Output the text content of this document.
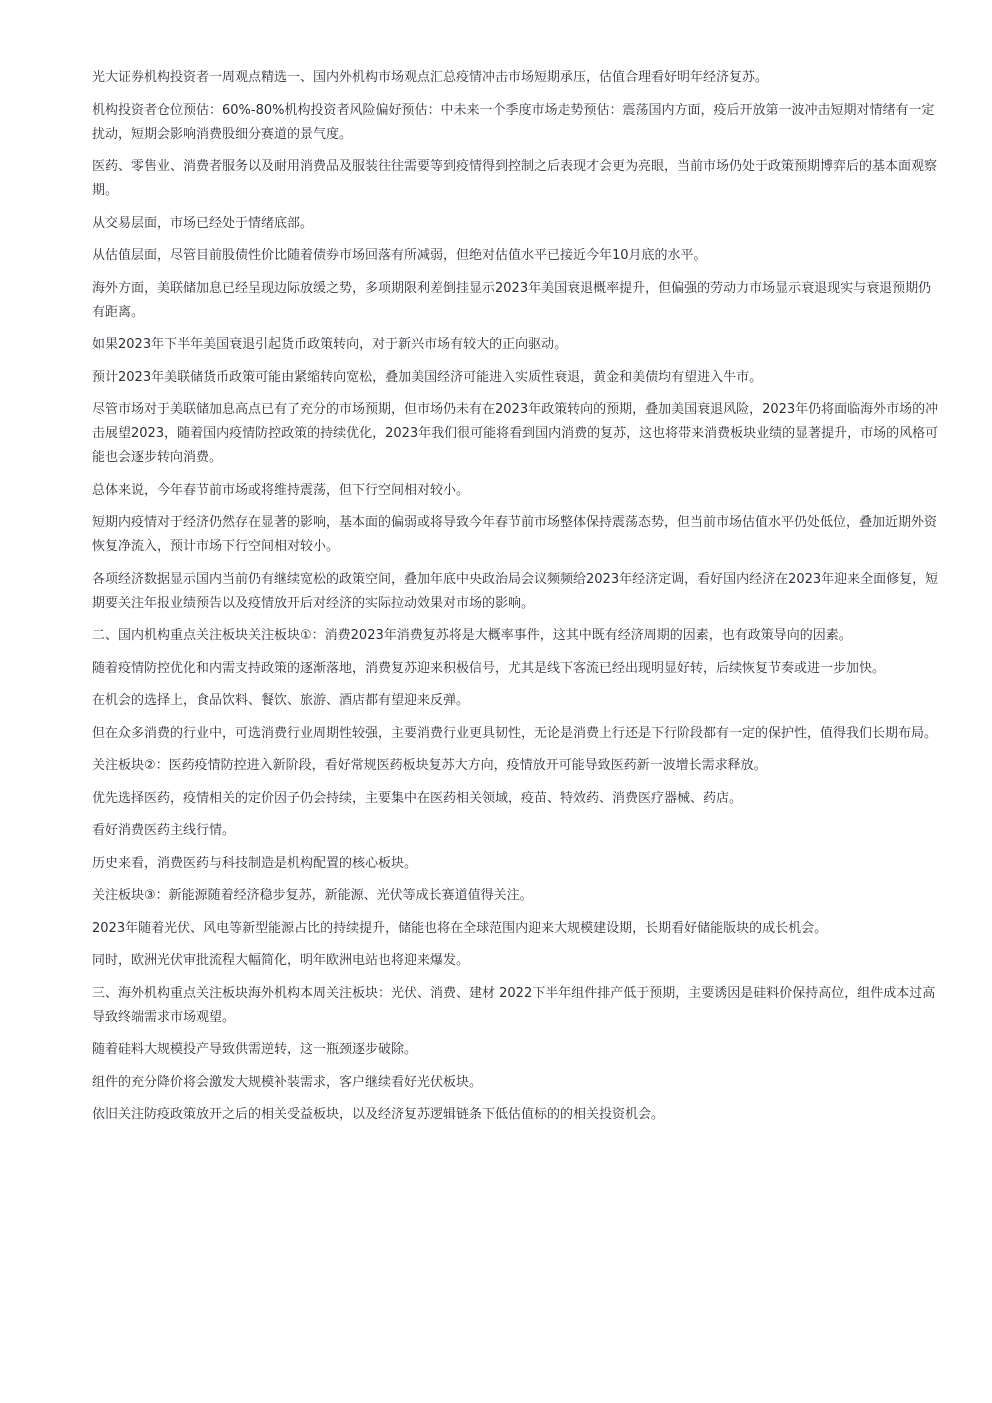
光大证券机构投资者一周观点精选一、国内外机构市场观点汇总疫情冲击市场短期承压，估值合理看好明年经济复苏。

机构投资者仓位预估：60%-80%机构投资者风险偏好预估：中未来一个季度市场走势预估：震荡国内方面，疫后开放第一波冲击短期对情绪有一定扰动，短期会影响消费股细分赛道的景气度。

医药、零售业、消费者服务以及耐用消费品及服装往往需要等到疫情得到控制之后表现才会更为亮眼，当前市场仍处于政策预期博弈后的基本面观察期。

从交易层面，市场已经处于情绪底部。

从估值层面，尽管目前股债性价比随着债券市场回落有所减弱，但绝对估值水平已接近今年10月底的水平。

海外方面，美联储加息已经呈现边际放缓之势，多项期限利差倒挂显示2023年美国衰退概率提升，但偏强的劳动力市场显示衰退现实与衰退预期仍有距离。

如果2023年下半年美国衰退引起货币政策转向，对于新兴市场有较大的正向驱动。

预计2023年美联储货币政策可能由紧缩转向宽松，叠加美国经济可能进入实质性衰退，黄金和美债均有望进入牛市。

尽管市场对于美联储加息高点已有了充分的市场预期，但市场仍未有在2023年政策转向的预期，叠加美国衰退风险，2023年仍将面临海外市场的冲击展望2023，随着国内疫情防控政策的持续优化，2023年我们很可能将看到国内消费的复苏，这也将带来消费板块业绩的显著提升，市场的风格可能也会逐步转向消费。

总体来说，今年春节前市场或将维持震荡，但下行空间相对较小。

短期内疫情对于经济仍然存在显著的影响，基本面的偏弱或将导致今年春节前市场整体保持震荡态势，但当前市场估值水平仍处低位，叠加近期外资恢复净流入，预计市场下行空间相对较小。

各项经济数据显示国内当前仍有继续宽松的政策空间，叠加年底中央政治局会议频频给2023年经济定调，看好国内经济在2023年迎来全面修复，短期要关注年报业绩预告以及疫情放开后对经济的实际拉动效果对市场的影响。

二、国内机构重点关注板块关注板块①：消费2023年消费复苏将是大概率事件，这其中既有经济周期的因素，也有政策导向的因素。

随着疫情防控优化和内需支持政策的逐渐落地，消费复苏迎来积极信号，尤其是线下客流已经出现明显好转，后续恢复节奏或进一步加快。

在机会的选择上，食品饮料、餐饮、旅游、酒店都有望迎来反弹。

但在众多消费的行业中，可选消费行业周期性较强，主要消费行业更具韧性，无论是消费上行还是下行阶段都有一定的保护性，值得我们长期布局。

关注板块②：医药疫情防控进入新阶段，看好常规医药板块复苏大方向，疫情放开可能导致医药新一波增长需求释放。

优先选择医药，疫情相关的定价因子仍会持续，主要集中在医药相关领域，疫苗、特效药、消费医疗器械、药店。

看好消费医药主线行情。

历史来看，消费医药与科技制造是机构配置的核心板块。

关注板块③：新能源随着经济稳步复苏，新能源、光伏等成长赛道值得关注。

2023年随着光伏、风电等新型能源占比的持续提升，储能也将在全球范围内迎来大规模建设期，长期看好储能版块的成长机会。

同时，欧洲光伏审批流程大幅简化，明年欧洲电站也将迎来爆发。

三、海外机构重点关注板块海外机构本周关注板块：光伏、消费、建材 2022下半年组件排产低于预期，主要诱因是硅料价保持高位，组件成本过高导致终端需求市场观望。

随着硅料大规模投产导致供需逆转，这一瓶颈逐步破除。

组件的充分降价将会激发大规模补装需求，客户继续看好光伏板块。

依旧关注防疫政策放开之后的相关受益板块，以及经济复苏逻辑链条下低估值标的的相关投资机会。
